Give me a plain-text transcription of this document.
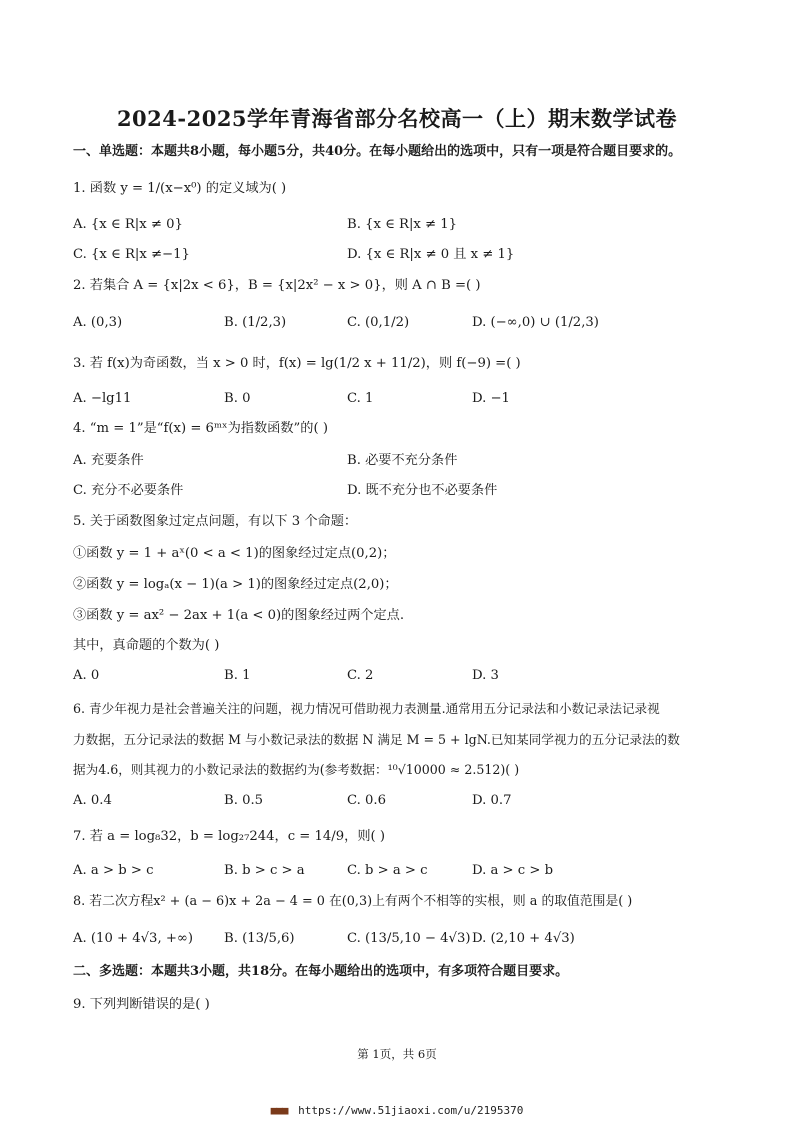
2024-2025学年青海省部分名校高一（上）期末数学试卷
一、单选题：本题共8小题，每小题5分，共40分。在每小题给出的选项中，只有一项是符合题目要求的。
1. 函数 y = 1/(x−x⁰) 的定义域为( )
A. {x ∈ R|x ≠ 0}	B. {x ∈ R|x ≠ 1}
C. {x ∈ R|x ≠−1}	D. {x ∈ R|x ≠ 0 且 x ≠ 1}
2. 若集合 A = {x|2x < 6}，B = {x|2x² − x > 0}，则 A ∩ B =( )
A. (0,3)	B. (1/2,3)	C. (0,1/2)	D. (−∞,0) ∪ (1/2,3)
3. 若 f(x)为奇函数，当 x > 0 时，f(x) = lg(1/2 x + 11/2)，则 f(−9) =( )
A. −lg11	B. 0	C. 1	D. −1
4. “m = 1”是“f(x) = 6ᵐˣ为指数函数”的( )
A. 充要条件	B. 必要不充分条件
C. 充分不必要条件	D. 既不充分也不必要条件
5. 关于函数图象过定点问题，有以下 3 个命题：
①函数 y = 1 + aˣ(0 < a < 1)的图象经过定点(0,2)；
②函数 y = logₐ(x − 1)(a > 1)的图象经过定点(2,0)；
③函数 y = ax² − 2ax + 1(a < 0)的图象经过两个定点.
其中，真命题的个数为( )
A. 0	B. 1	C. 2	D. 3
6. 青少年视力是社会普遍关注的问题，视力情况可借助视力表测量.通常用五分记录法和小数记录法记录视
力数据，五分记录法的数据 M 与小数记录法的数据 N 满足 M = 5 + lgN.已知某同学视力的五分记录法的数
据为4.6，则其视力的小数记录法的数据约为(参考数据：¹⁰√10000 ≈ 2.512)( )
A. 0.4	B. 0.5	C. 0.6	D. 0.7
7. 若 a = log₈32，b = log₂₇244，c = 14/9，则( )
A. a > b > c	B. b > c > a	C. b > a > c	D. a > c > b
8. 若二次方程x² + (a − 6)x + 2a − 4 = 0 在(0,3)上有两个不相等的实根，则 a 的取值范围是( )
A. (10 + 4√3, +∞) B. (13/5,6)	C. (13/5,10 − 4√3) D. (2,10 + 4√3)
二、多选题：本题共3小题，共18分。在每小题给出的选项中，有多项符合题目要求。
9. 下列判断错误的是( )
第 1页，共 6页
■■■ https://www.51jiaoxi.com/u/2195370
